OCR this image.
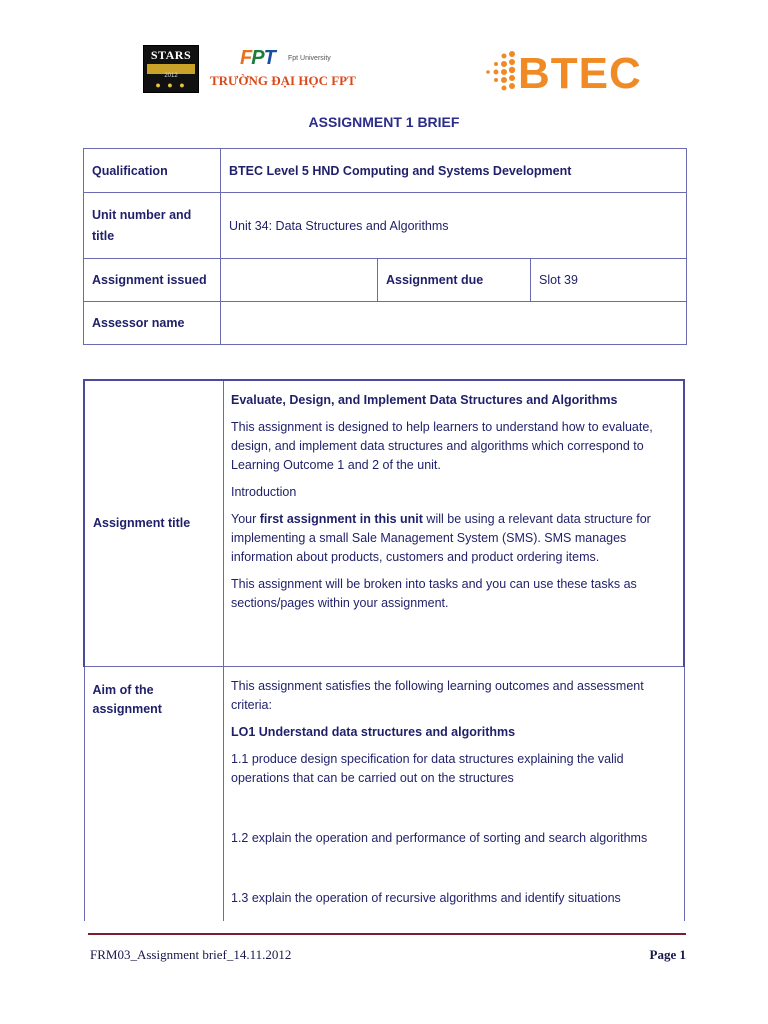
STARS
2012
● ● ●
FPT Fpt University
TRƯỜNG ĐẠI HỌC FPT	BTEC
ASSIGNMENT 1 BRIEF
Qualification	BTEC Level 5 HND Computing and Systems Development		
Unit number and title	Unit 34: Data Structures and Algorithms		
Assignment issued		Assignment due	Slot 39
Assessor name			
Assignment title	Evaluate, Design, and Implement Data Structures and Algorithms

This assignment is designed to help learners to understand how to evaluate, design, and implement data structures and algorithms which correspond to Learning Outcome 1 and 2 of the unit.

Introduction

Your first assignment in this unit will be using a relevant data structure for implementing a small Sale Management System (SMS). SMS manages information about products, customers and product ordering items.

This assignment will be broken into tasks and you can use these tasks as sections/pages within your assignment.

Aim of the assignment	This assignment satisfies the following learning outcomes and assessment criteria:

LO1 Understand data structures and algorithms

1.1 produce design specification for data structures explaining the valid operations that can be carried out on the structures

1.2 explain the operation and performance of sorting and search algorithms

1.3 explain the operation of recursive algorithms and identify situations

FRM03_Assignment brief_14.11.2012	Page 1
